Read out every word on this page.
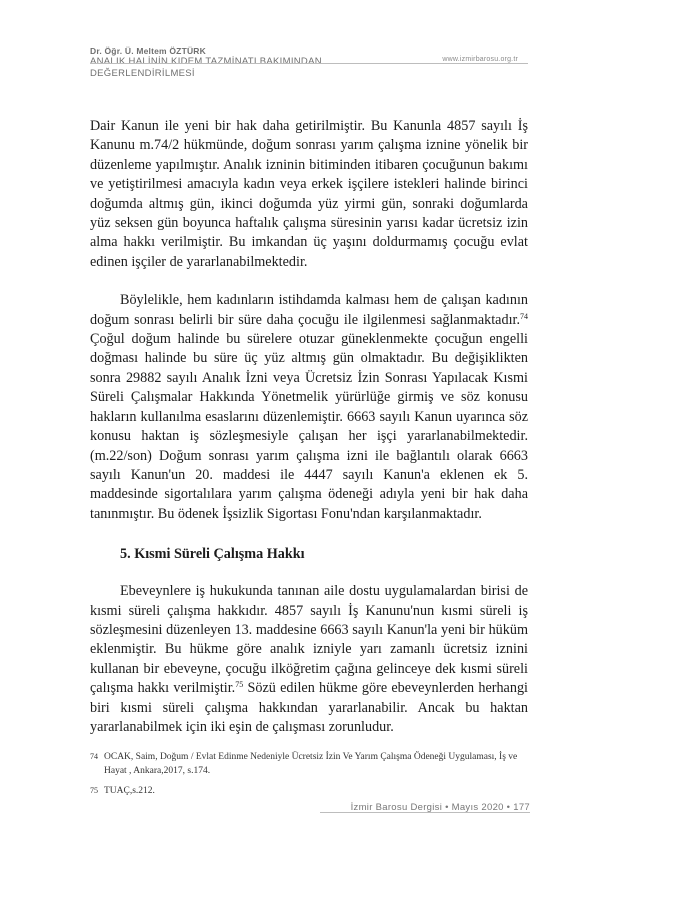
Dr. Öğr. Ü. Meltem ÖZTÜRK
ANALIK HALİNİN KIDEM TAZMİNATI BAKIMINDAN
DEĞERLENDİRİLMESİ
www.izmirbarosu.org.tr

Dair Kanun ile yeni bir hak daha getirilmiştir. Bu Kanunla 4857 sayılı İş Kanunu m.74/2 hükmünde, doğum sonrası yarım çalışma iznine yönelik bir düzenleme yapılmıştır. Analık izninin bitiminden itibaren çocuğunun bakımı ve yetiştirilmesi amacıyla kadın veya erkek işçilere istekleri halinde birinci doğumda altmış gün, ikinci doğumda yüz yirmi gün, sonraki doğumlarda yüz seksen gün boyunca haftalık çalışma süresinin yarısı kadar ücretsiz izin alma hakkı verilmiştir. Bu imkandan üç yaşını doldurmamış çocuğu evlat edinen işçiler de yararlanabilmektedir.

Böylelikle, hem kadınların istihdamda kalması hem de çalışan kadının doğum sonrası belirli bir süre daha çocuğu ile ilgilenmesi sağlanmaktadır.$^{74}$ Çoğul doğum halinde bu sürelere otuzar güneklenmekte çocuğun engelli doğması halinde bu süre üç yüz altmış gün olmaktadır. Bu değişiklikten sonra 29882 sayılı Analık İzni veya Ücretsiz İzin Sonrası Yapılacak Kısmi Süreli Çalışmalar Hakkında Yönetmelik yürürlüğe girmiş ve söz konusu hakların kullanılma esaslarını düzenlemiştir. 6663 sayılı Kanun uyarınca söz konusu haktan iş sözleşmesiyle çalışan her işçi yararlanabilmektedir.(m.22/son) Doğum sonrası yarım çalışma izni ile bağlantılı olarak 6663 sayılı Kanun'un 20. maddesi ile 4447 sayılı Kanun'a eklenen ek 5. maddesinde sigortalılara yarım çalışma ödeneği adıyla yeni bir hak daha tanınmıştır. Bu ödenek İşsizlik Sigortası Fonu'ndan karşılanmaktadır.

5. Kısmi Süreli Çalışma Hakkı

Ebeveynlere iş hukukunda tanınan aile dostu uygulamalardan birisi de kısmi süreli çalışma hakkıdır. 4857 sayılı İş Kanunu'nun kısmi süreli iş sözleşmesini düzenleyen 13. maddesine 6663 sayılı Kanun'la yeni bir hüküm eklenmiştir. Bu hükme göre analık izniyle yarı zamanlı ücretsiz iznini kullanan bir ebeveyne, çocuğu ilköğretim çağına gelinceye dek kısmi süreli çalışma hakkı verilmiştir.$^{75}$ Sözü edilen hükme göre ebeveynlerden herhangi biri kısmi süreli çalışma hakkından yararlanabilir. Ancak bu haktan yararlanabilmek için iki eşin de çalışması zorunludur.

74 OCAK, Saim, Doğum / Evlat Edinme Nedeniyle Ücretsiz İzin Ve Yarım Çalışma Ödeneği Uygulaması, İş ve Hayat , Ankara,2017, s.174.
75 TUAÇ,s.212.
İzmir Barosu Dergisi • Mayıs 2020 • 177
